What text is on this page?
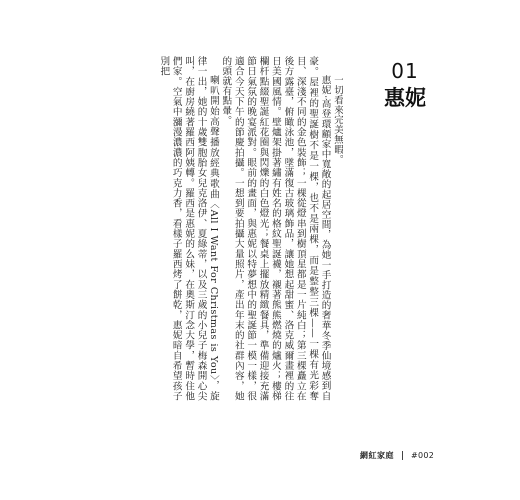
01
惠妮

一切看來完美無暇。

惠妮‧高登環顧家中寬敞的起居空間，為她一手打造的奢華冬季仙境感到自豪。屋裡的聖誕樹不是一棵，也不是兩棵，而是整整三棵——一棵有光彩奪目、深淺不同的金色裝飾；一棵從燈串到樹頂星都是一片純白；第三棵矗立在後方露臺，俯瞰泳池，墜滿復古玻璃飾品，讓她想起甜蜜、洛克威爾畫裡的往日美國風情。壁爐架掛著繡有姓名的格紋聖誕襪，襯著熊熊燃燒的爐火；樓梯欄杆點綴聖誕紅花圈與閃爍的白色燈光；餐桌上擺放精緻餐具，準備迎接充滿節日氣氛的晚宴派對。眼前的畫面，與惠妮以特夢想中的聖誕節一模一樣，很適合今天下午的節慶拍攝。一想到要拍攝大量照片，產出年末的社群內容，她的頭就有點暈。

喇叭開始高聲播放經典歌曲〈All I Want For Christmas is You〉，旋律一出，她的十歲雙胞胎女兒克洛伊、夏綠蒂，以及三歲的小兒子梅森開心尖叫，在廚房繞著羅西阿姨轉。羅西是惠妮的么妹，在奧斯汀念大學，暫時住他們家。空氣中瀰漫濃濃的巧克力香，看樣子羅西烤了餅乾，惠妮暗自希望孩子別把

網紅家庭 #002
